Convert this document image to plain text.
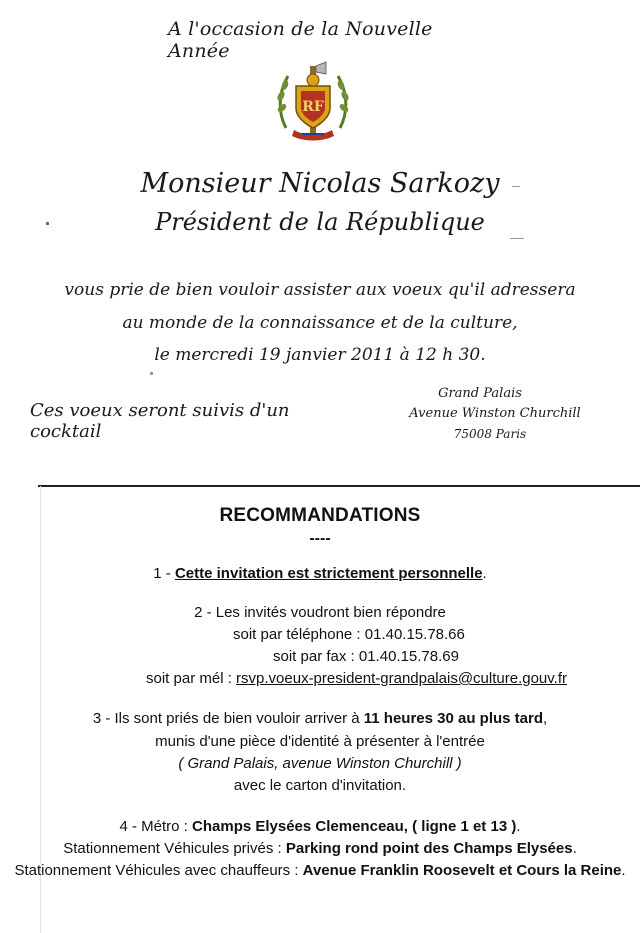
A l'occasion de la Nouvelle Année
RF
Monsieur Nicolas Sarkozy
Président de la République
vous prie de bien vouloir assister aux voeux qu'il adressera
au monde de la connaissance et de la culture,
le mercredi 19 janvier 2011 à 12 h 30.
Ces voeux seront suivis d'un cocktail
Grand Palais
Avenue Winston Churchill
75008 Paris
RECOMMANDATIONS
----
1 - Cette invitation est strictement personnelle.
2 - Les invités voudront bien répondre
soit par téléphone : 01.40.15.78.66
soit par fax : 01.40.15.78.69
soit par mél : rsvp.voeux-president-grandpalais@culture.gouv.fr
3 - Ils sont priés de bien vouloir arriver à 11 heures 30 au plus tard,
munis d'une pièce d'identité à présenter à l'entrée
( Grand Palais, avenue Winston Churchill )
avec le carton d'invitation.
4 - Métro : Champs Elysées Clemenceau, ( ligne 1 et 13 ).
Stationnement Véhicules privés : Parking rond point des Champs Elysées.
Stationnement Véhicules avec chauffeurs : Avenue Franklin Roosevelt et Cours la Reine.
